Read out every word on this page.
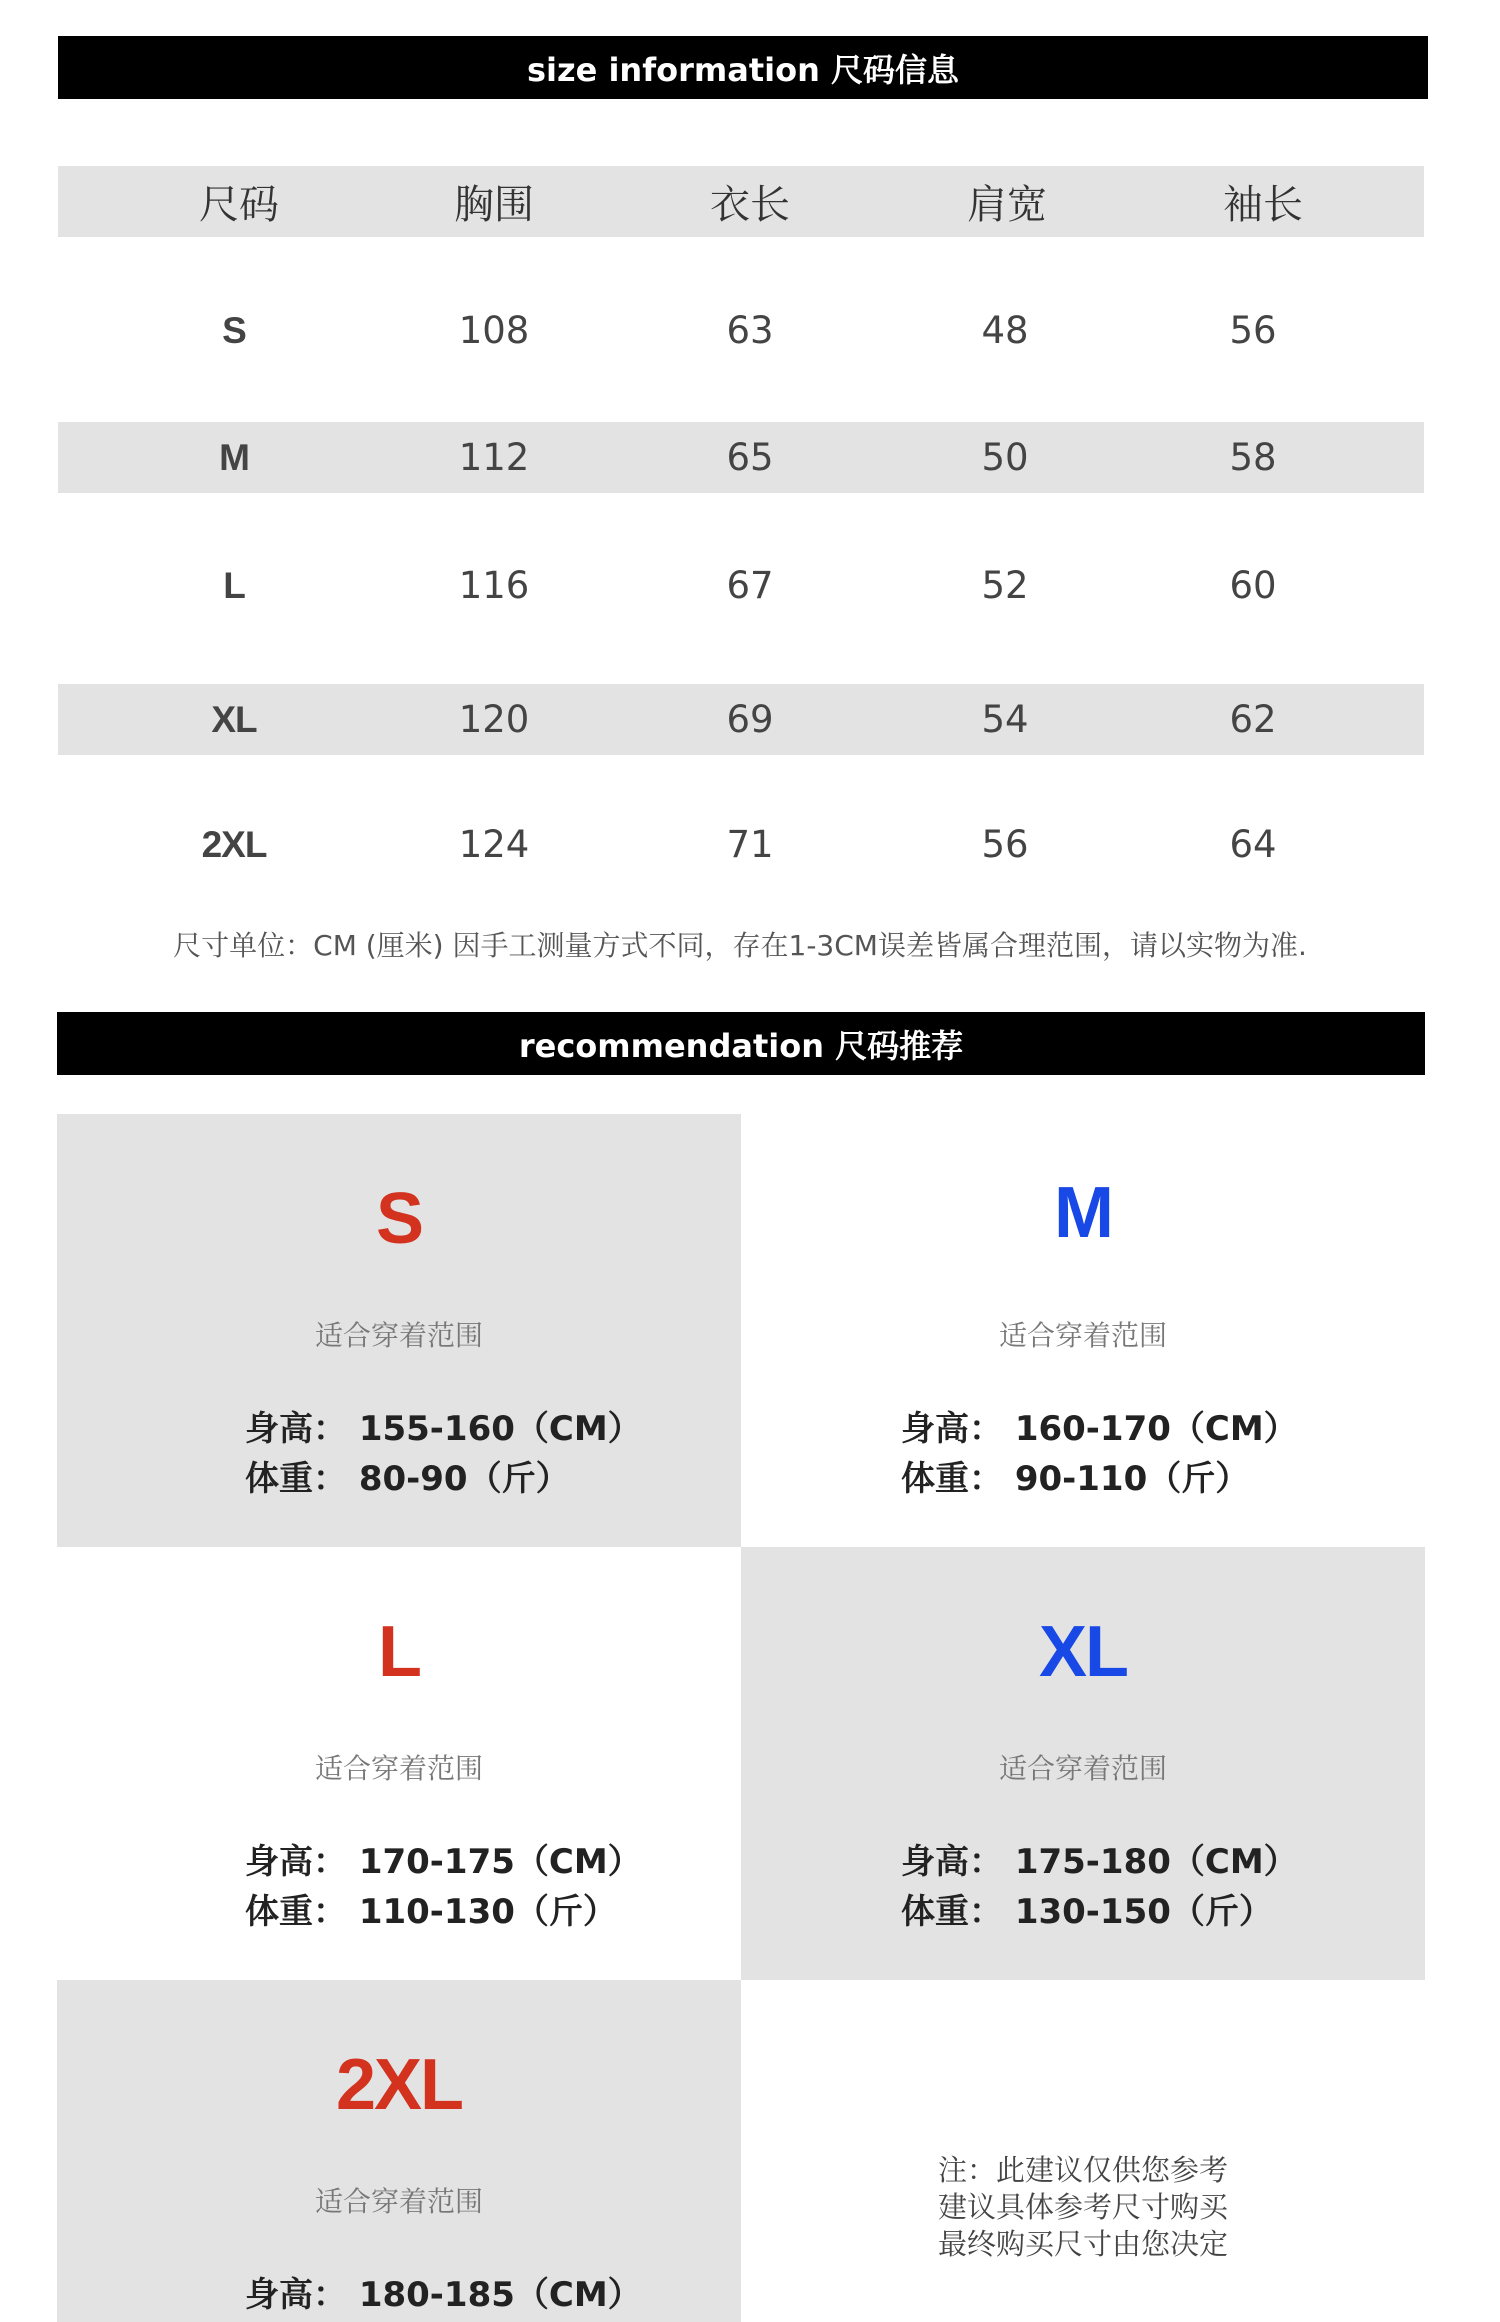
size information 尺码信息
尺码	胸围	衣长	肩宽	袖长
S	108	63	48	56
M	112	65	50	58
L	116	67	52	60
XL	120	69	54	62
2XL	124	71	56	64
尺寸单位：CM (厘米) 因手工测量方式不同，存在1-3CM误差皆属合理范围，请以实物为准.
recommendation 尺码推荐
S
适合穿着范围
身高： 155-160（CM）
体重： 80-90（斤）
M
适合穿着范围
身高： 160-170（CM）
体重： 90-110（斤）
L
适合穿着范围
身高： 170-175（CM）
体重： 110-130（斤）
XL
适合穿着范围
身高： 175-180（CM）
体重： 130-150（斤）
2XL
适合穿着范围
身高： 180-185（CM）
注：此建议仅供您参考
建议具体参考尺寸购买
最终购买尺寸由您决定
